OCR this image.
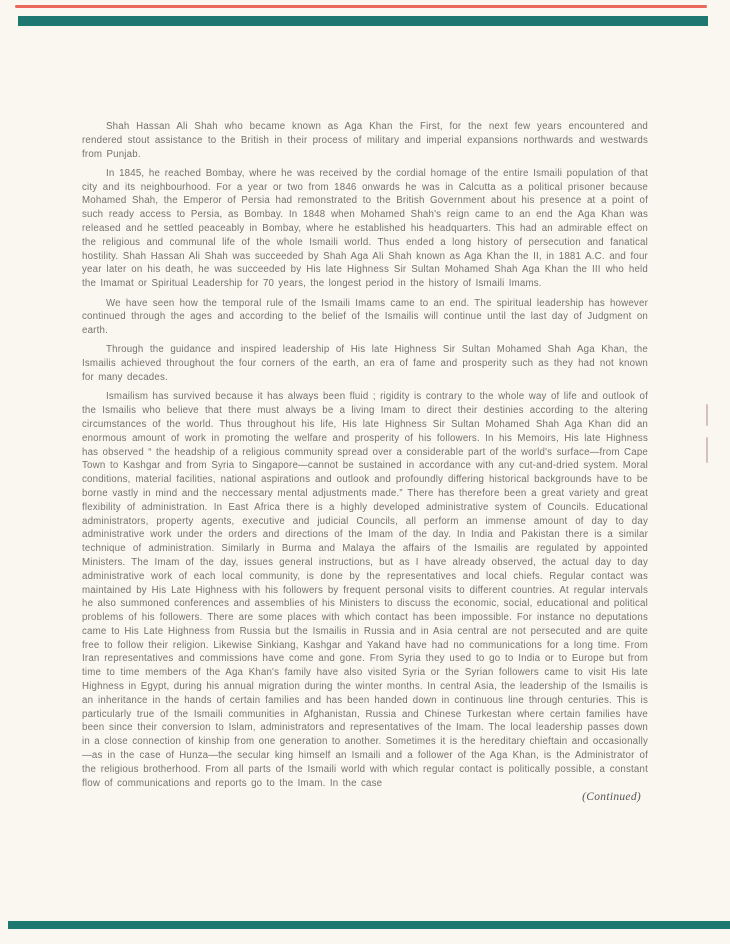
Shah Hassan Ali Shah who became known as Aga Khan the First, for the next few years encountered and rendered stout assistance to the British in their process of military and imperial expansions northwards and westwards from Punjab.

In 1845, he reached Bombay, where he was received by the cordial homage of the entire Ismaili population of that city and its neighbourhood. For a year or two from 1846 onwards he was in Calcutta as a political prisoner because Mohamed Shah, the Emperor of Persia had remonstrated to the British Government about his presence at a point of such ready access to Persia, as Bombay. In 1848 when Mohamed Shah's reign came to an end the Aga Khan was released and he settled peaceably in Bombay, where he established his headquarters. This had an admirable effect on the religious and communal life of the whole Ismaili world. Thus ended a long history of persecution and fanatical hostility. Shah Hassan Ali Shah was succeeded by Shah Aga Ali Shah known as Aga Khan the II, in 1881 A.C. and four year later on his death, he was succeeded by His late Highness Sir Sultan Mohamed Shah Aga Khan the III who held the Imamat or Spiritual Leadership for 70 years, the longest period in the history of Ismaili Imams.

We have seen how the temporal rule of the Ismaili Imams came to an end. The spiritual leadership has however continued through the ages and according to the belief of the Ismailis will continue until the last day of Judgment on earth.

Through the guidance and inspired leadership of His late Highness Sir Sultan Mohamed Shah Aga Khan, the Ismailis achieved throughout the four corners of the earth, an era of fame and prosperity such as they had not known for many decades.

Ismailism has survived because it has always been fluid ; rigidity is contrary to the whole way of life and outlook of the Ismailis who believe that there must always be a living Imam to direct their destinies according to the altering circumstances of the world. Thus throughout his life, His late Highness Sir Sultan Mohamed Shah Aga Khan did an enormous amount of work in promoting the welfare and prosperity of his followers. In his Memoirs, His late Highness has observed “ the headship of a religious community spread over a considerable part of the world's surface—from Cape Town to Kashgar and from Syria to Singapore—cannot be sustained in accordance with any cut-and-dried system. Moral conditions, material facilities, national aspirations and outlook and profoundly differing historical backgrounds have to be borne vastly in mind and the neccessary mental adjustments made.” There has therefore been a great variety and great flexibility of administration. In East Africa there is a highly developed administrative system of Councils. Educational administrators, property agents, executive and judicial Councils, all perform an immense amount of day to day administrative work under the orders and directions of the Imam of the day. In India and Pakistan there is a similar technique of administration. Similarly in Burma and Malaya the affairs of the Ismailis are regulated by appointed Ministers. The Imam of the day, issues general instructions, but as I have already observed, the actual day to day administrative work of each local community, is done by the representatives and local chiefs. Regular contact was maintained by His Late Highness with his followers by frequent personal visits to different countries. At regular intervals he also summoned conferences and assemblies of his Ministers to discuss the economic, social, educational and political problems of his followers. There are some places with which contact has been impossible. For instance no deputations came to His Late Highness from Russia but the Ismailis in Russia and in Asia central are not persecuted and are quite free to follow their religion. Likewise Sinkiang, Kashgar and Yakand have had no communications for a long time. From Iran representatives and commissions have come and gone. From Syria they used to go to India or to Europe but from time to time members of the Aga Khan's family have also visited Syria or the Syrian followers came to visit His late Highness in Egypt, during his annual migration during the winter months. In central Asia, the leadership of the Ismailis is an inheritance in the hands of certain families and has been handed down in continuous line through centuries. This is particularly true of the Ismaili communities in Afghanistan, Russia and Chinese Turkestan where certain families have been since their conversion to Islam, administrators and representatives of the Imam. The local leadership passes down in a close connection of kinship from one generation to another. Sometimes it is the hereditary chieftain and occasionally—as in the case of Hunza—the secular king himself an Ismaili and a follower of the Aga Khan, is the Administrator of the religious brotherhood. From all parts of the Ismaili world with which regular contact is politically possible, a constant flow of communications and reports go to the Imam. In the case

(Continued)
